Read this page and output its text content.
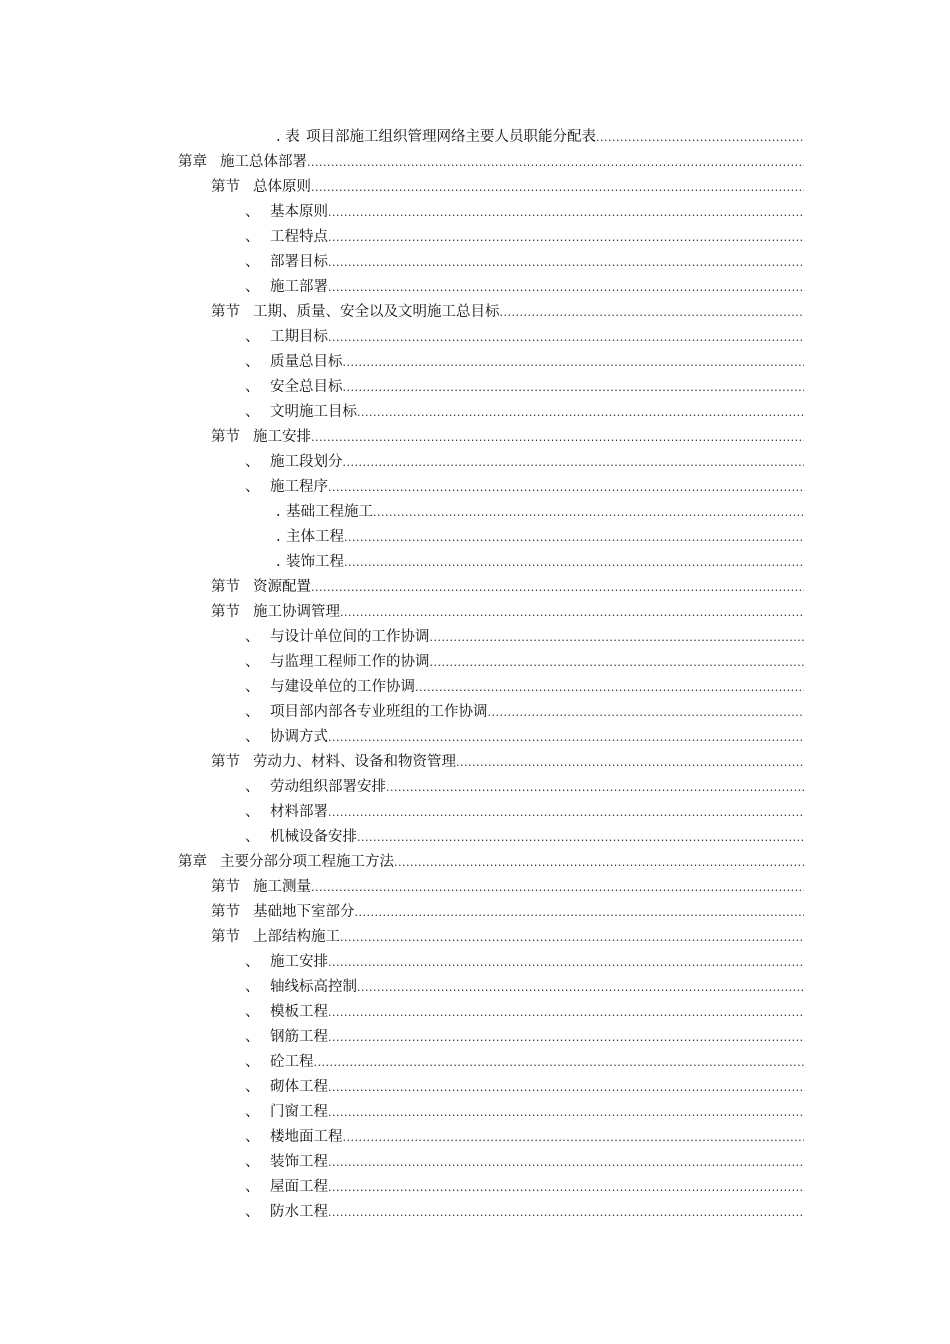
. 表 项目部施工组织管理网络主要人员职能分配表
.....
第章 施工总体部署
.....
第节 总体原则
.....
、 基本原则
.....
、 工程特点
.....
、 部署目标
.....
、 施工部署
.....
第节 工期、质量、安全以及文明施工总目标
.....
、 工期目标
.....
、 质量总目标
.....
、 安全总目标
.....
、 文明施工目标
.....
第节 施工安排
.....
、 施工段划分
.....
、 施工程序
.....
. 基础工程施工
.....
. 主体工程
.....
. 装饰工程
.....
第节 资源配置
.....
第节 施工协调管理
.....
、 与设计单位间的工作协调
.....
、 与监理工程师工作的协调
.....
、 与建设单位的工作协调
.....
、 项目部内部各专业班组的工作协调
.....
、 协调方式
.....
第节 劳动力、材料、设备和物资管理
.....
、 劳动组织部署安排
.....
、 材料部署
.....
、 机械设备安排
.....
第章 主要分部分项工程施工方法
.....
第节 施工测量
.....
第节 基础地下室部分
.....
第节 上部结构施工
.....
、 施工安排
.....
、 轴线标高控制
.....
、 模板工程
.....
、 钢筋工程
.....
、 砼工程
.....
、 砌体工程
.....
、 门窗工程
.....
、 楼地面工程
.....
、 装饰工程
.....
、 屋面工程
.....
、 防水工程
.....
